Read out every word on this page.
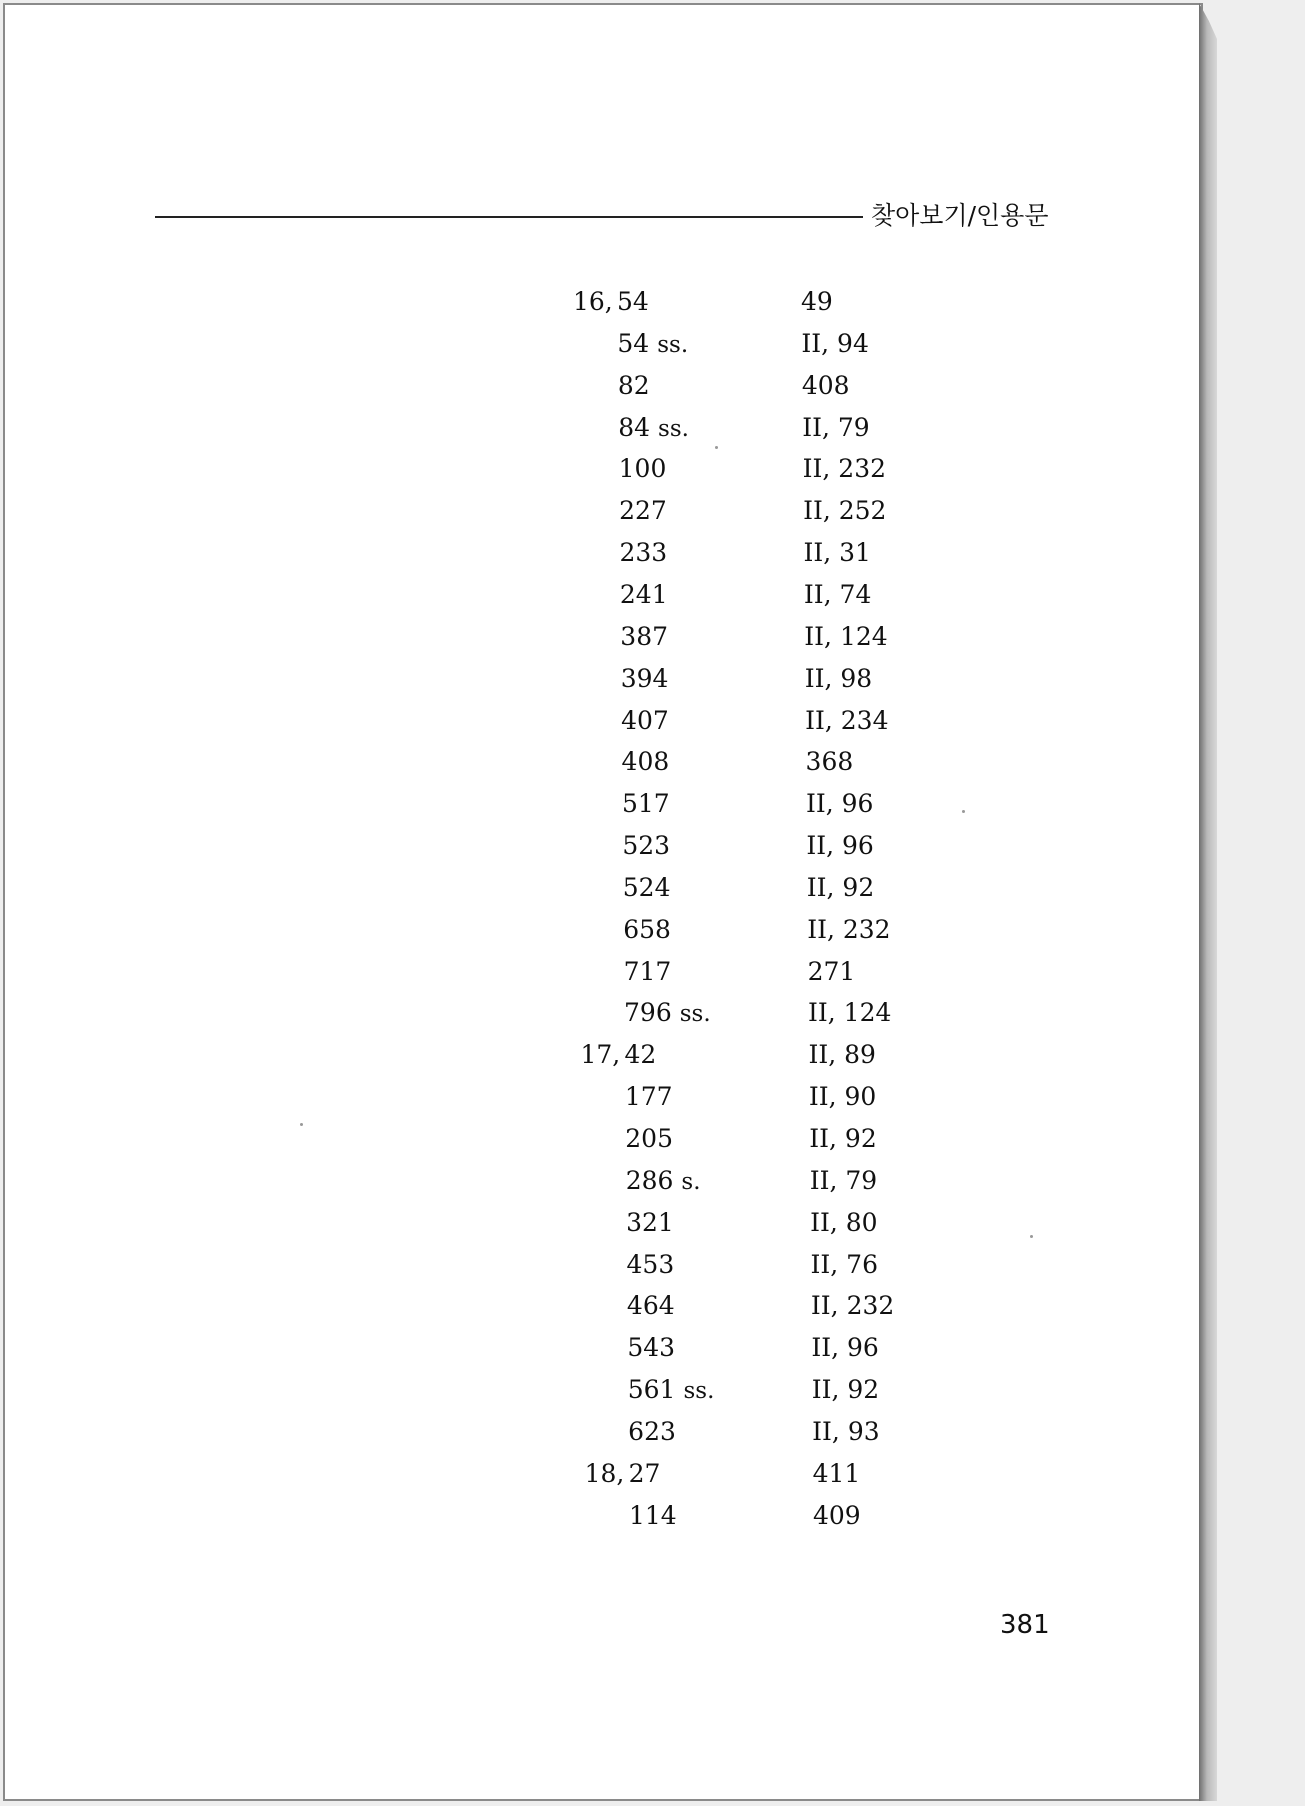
찾아보기/인용문
16, 54	49
54 ss.	II, 94
82	408
84 ss.	II, 79
100	II, 232
227	II, 252
233	II, 31
241	II, 74
387	II, 124
394	II, 98
407	II, 234
408	368
517	II, 96
523	II, 96
524	II, 92
658	II, 232
717	271
796 ss.	II, 124
17, 42	II, 89
177	II, 90
205	II, 92
286 s.	II, 79
321	II, 80
453	II, 76
464	II, 232
543	II, 96
561 ss.	II, 92
623	II, 93
18, 27	411
114	409
381
